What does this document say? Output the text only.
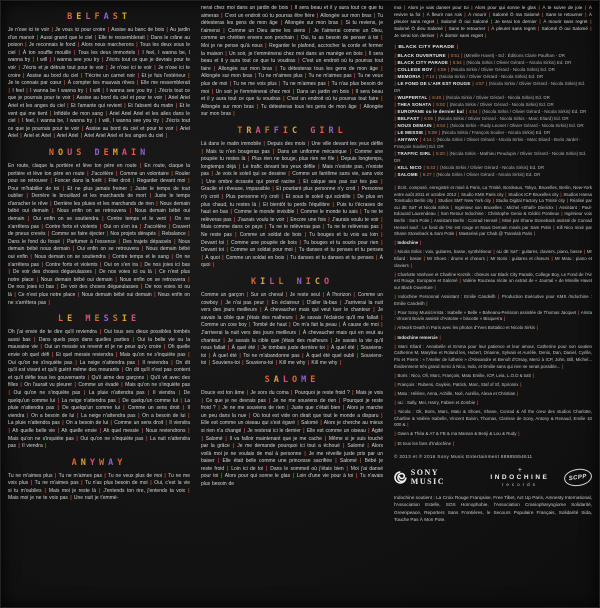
BELFAST

Je n'ose ici te voir | Je vous ici pour croire | Assise au banc de bois | Au jardin d'un manoir | Aussi grand que le ciel | Elle te ressemblerait | Dans le crâne au poison | Je reconnais le fond | Alors nous marcherons | Tous les deux sous le ciel | À ton souffle mouillé | Tous les deux immortels | I feel, I wanna be, I wanna try | I will | I wanna see you try | J'écris tout ce que je devrais pour te voir | J'écris et je détruis tout pour te voir | Je n'ose ici te voir | Je n'ose ici te croire | Assise au bord du ciel | T'écrire un carnet noir | Et je fuis l'extérieur | Je te connais par cœur | À compter tes mauvais rêves | Elle me ressemblerait | I feel | I wanna be I wanna try | I will | I wanna see you try | J'écris tout ce que je pourrais pour te voir | Assise au bord du ciel et pour te voir | Ariel Ariel Ariel et les anges du ciel | Et l'amante qui revient | Et l'absent du matin | Et le vent qui me tient | Infidèle de mon sang | Ariel Ariel Ariel et les ailes dans le ciel | I feel, I wanna be, I wanna try | I will, I wanna see you try | J'écris tout ce que je pourrais pour te voir | Assise au bord du ciel et pour te voir | Ariel Ariel | Ariel et Ariel | Ariel Ariel | Ariel Ariel Ariel et les anges du ciel |

NOUS DEMAIN

En route, claque la portière et lève ton père en route | En route, claque la portière et lève ton père en route | J'accélère | Comme un volontaire | Rouler pour se retrouver | Foncer dans la forêt | Filer droit | Regarder devant moi | Pour m'habiller de toi | Et ne plus jamais freiner | Juste le temps de tout oublier | Derrière le brouillard et les marchands de mort | Juste le temps d'arracher le rêve | Derrière les pluies et les marchands de rien | Nous demain bébé oui demain | Nous enfin on se retrouvera | Nous demain bébé oui demain | Oui enfin on se soutiendra | Contre temps et le vent | On ne s'arrêtera pas | Contre forts et violents | Oui on s'en ira | J'accélère | Couvert de pneus crevés | Comme se faire éjecter | Nos projets dérapés | Rebalance | Dans le fond du fossé | Parfumer à l'essence | Des trajets dépassés | Nous demain bébé nous demain | Oui enfin on se retrouvera | Nous demain bébé oui enfin | Nous demain on se soutiendra | Contre temps et le sang | On ne s'arrêtera pas | Contre forts et violents | Oui on s'en ira | De nos joies ici bas | De voir des choses dégueulasses | De nos voies ici ou là | Ce n'est plus notre place | Nous demain bébé oui demain | Nous enfin on se retrouvera | De nos joies ici bas | De voir des choses dégueulasses | De nos voies ici ou là | Ce n'est plus notre place | Nous demain bébé oui demain | Nous enfin on ne s'arrêtera pas |

LE MESSIE

Oh j'ai envie de te dire qu'il reviendra | Oui tous ses dieux possibles tombés aussi bas | Dans quels pays dans quelles parties | Oui la belle vie ou la mauvaise vie | Oui un messie va revenir et je ne peux qu'y croire | Oh quelle envie oh quel défi | Et quel messie reviendra | Mais qu'on ne s'inquiète pas | Oui qu'on ne s'inquiète pas | La neige n'attendra pas | Il reviendra | On dit qu'il est vivant et qu'il guérit même des mourants | On dit qu'il n'est pas content et qu'il défie tous les gouvernants | Qu'il aime des garçons | Qu'il vit avec des filles | On l'aurait vu pleurer | Comme un évadé | Mais qu'on ne s'inquiète pas | Oui qu'on ne s'inquiète pas | La pluie n'attendra pas | Il viendra | De quelqu'un comme lui | La neige n'attendra pas | De quelqu'un comme lui | La pluie n'attendra pas | De quelqu'un comme lui | Comme un sens droit | Il viendra | On a besoin de lui | La neige n'attendra pas | On a besoin de lui | La pluie n'attendra pas | On a besoin de lui | Comme un sens droit | Il viendra | Ah quelle belle vie | Ah quelle envie | Ah quel messie | Nous reviendrons | Mais qu'on ne s'inquiète pas | Oui qu'on ne s'inquiète pas | La nuit n'attendra pas | Il viendra |

ANYWAY

Tu ne m'aimes plus | Tu ne m'aimes pas | Tu ne veux plus de moi | Tu ne me vois plus | Tu ne m'aimes pas | Tu n'as plus besoin de moi | Oui, c'est la vie si tu m'oublies | Mais moi je reste là | J'entends ton rire, j'entends ta voix | Mais moi je ne te vois pas | Une nuit je t'emmè-

nerai chez moi dans un jardin de bois | Il sera beau et il y aura tout ce que tu aimeras | C'est un endroit où tu pourras être fière | Allongée sur mon bras | Tu détesteras les gens de mon âge | Allongée sur mon bras | Si tu reviens, je t'aimerai | Comme un Dieu aime les siens | Je t'aimerai comme un Dieu, comme un chrétien envers son prochain | Oui, tu as besoin de penser à toi | Moi je ne pense qu'à nous | Regarder le plafond, accrocher la corde et fermer la maison | Un soir, je t'emmènerai chez moi dans un manège en bois | Il sera beau et il y aura tout ce que tu voudras | C'est un endroit où tu pourras tout faire | Allongée sur mon bras | Tu détesteras tous les gens de mon âge | Allongée sur mon bras | Tu ne m'aimes plus | Tu ne m'aimes pas | Tu ne veux plus de moi | Tu ne me vois plus | Tu ne m'aimes pas | Tu n'as plus besoin de moi | Un soir je t'emmènerai chez moi | Dans un jardin en bois | Il sera beau et il y aura tout ce que tu voudras | C'est un endroit où tu pourras tout faire | Allongée sur mon bras | Tu détesteras tous les gens de mon âge | Allongée sur mon bras |

TRAFFIC GIRL

Là dans le matin immobile | Depuis des mois | Une ville devant tes yeux défile | Mais tu n'en bougeras pas | Dans un uniforme mécanique | Comme une poupée tu restes là | Plus rien ne bouge, plus rien ne file | Depuis longtemps, longtemps déjà | Le trafic devant tes yeux défile | Mais n'existe pas, n'existe pas | Je vois le soleil qui se dessine | Comme un fantôme sans vie, sans voix | Une ombre écrasée qui prend racine | Et calque ses pas sur tes pas | Gracile et rêveuse, impassible | Et pourtant plus personne n'y croit | Personne n'y croit | Plus personne n'y croit | Et sous le soleil qui scintille | De plus en plus chaud, tu restes là | Et bientôt tu perds l'équilibre | Puis tu t'écrases de haut en bas | Comme le monde invisible | Comme le monde tu sais | Tu ne te relèveras pas | J'aurais voulu te voir | Encore une fois | J'aurais voulu te voir | Mais comme dans ce pays | Tu ne te relèveras pas | Tu ne te relèveras pas | Ne reste pas | Comme un soldat de bois | Tu bouges et tu vois au loin | Devant toi | Comme une poupée de bois | Tu bouges et tu souris pour rien | Devant toi | Comme un soldat pour moi | Tu danses et tu penses et tu penses | À quoi | Comme un soldat en bois | Tu danses et tu danses et tu penses | À quoi |

KILL NICO

Comme un garçon | Sur un cheval | Je reste seul | À l'horizon | Comme un cowboy | Je n'ai pas peur | En éclaireur | D'aller là-bas | J'arriverai la nuit vers des jours meilleurs | À chevaucher mais qui veut tuer le chanteur | Je savais la cible que j'étais des malheurs | Je savais l'éclaircie qu'il me fallait | Comme un cow boy | Tombé de haut | On m'a fait la peau | À cause de moi | J'arriverai la nuit vers des jours meilleurs | À chevaucher mais qui en veut au chanteur | Je savais la cible que j'étais des malheurs | Je savais la vie qu'il nous fallait | À quel été | Je tombais juste derrière toi | À quel été | Souviens-toi | À quel été | Toi ne m'abandonne pas | À quel été quel oubli | Souviens-toi | Souviens-toi | Souviens-toi | Kill me why | Kill me why |

SALOME

Douce est ton âme | Je sors du coma | Pourquoi je reste froid ? | Mais je vois | Ce que je ne devrais pas | Je ne me souviens de rien | Pourquoi je reste froid ? | Je ne me souviens de rien | Juste que c'était bien | Alors je marche un peu dans la nue | Où tout est vide on dirait que tout le monde a disparu | Elle est comme un oiseau qui s'est égaré | Salomé | Alors je cherche au mieux si rien n'a changé | Je resterai ici le dernier | Elle est comme un oiseau | Agité | Salomé | Il va falloir maintenant que je me cache | Même si je suis touché par la grâce | Je me demande pourquoi ici tout a échoué | Salomé | Alors voilà moi je ne voulais de mal à personne | Je me réveille juste pris par un baiser | Elle était belle comme une princesse sacrifiée | Salomé | Bébé je reste froid | Loin ici de toi | Dans le sommeil où j'étais bien | Moi j'ai dansé pour toi | Alors pour qui sonne le glas | Loin d'une vie pour à toi | Tu n'avais plus besoin de

moi | Alors je vais danser pour toi | Alors pour qui sonne le glas | À te suivre de joie | À revivre ta foi | À fleurir nos rois | À mourir | Salomé Ô ma Salomé | Sans te retourner | À pleurer sans regret | Salomé Ô oui Salomé | Je serai ton dernier | À mourir sans regret | Salomé Ô dieu Salomé | Sans te retourner | À pleurer sans regret | Salomé Ô oui Salomé | Je serai ton dernier | À dormir sans regret |

| BLACK CITY PARADE |
| BLACK OUVERTURE | 0:51 | (Mireille Havet) - Ed : Éditions Claire Paulhan - DR
| BLACK CITY PARADE | 5:54 | (Nicola Sirkis / Olivier Gérard – Nicola Sirkis) Ed. DR
| COLLEGE BOY | 4:59 | (Nicola Sirkis / Olivier Gérard - Nicola Sirkis) Ed. DR
| MEMORIA | 7:14 | (Nicola Sirkis / Olivier Gérard - Nicola Sirkis) Ed. DR
| LE FOND DE L'AIR EST ROUGE | 4:57 | (Nicola Sirkis / Olivier Gérard - Nicola Sirkis) Ed. DR
| WUPPERTAL | 6:48 | (Nicola Sirkis / Olivier Gérard - Nicola Sirkis) Ed. DR
| THEA SONATA | 5:02 | (Nicola Sirkis / Olivier Gérard - Nicola Sirkis) Ed. DR
| EUROPANE ou le dernier bal | 4:54 | (Nicola Sirkis / Olivier Gérard - Nicola Sirkis) Ed. DR
| BELFAST | 6:05 | (Nicola Sirkis / Olivier Gérard - Nicola Sirkis - Marc Eliard) Ed. DR
| NOUS DEMAIN | 5:54 | (Nicola Sirkis - Rudy Leonet / Olivier Gérard - Nicola Sirkis) Ed. DR
| LE MESSIE | 5:08 | (Nicola Sirkis / François Soulier - Nicola Sirkis) Ed. DR
| ANYWAY | 4:14 | (Nicola Sirkis / Olivier Gérard - Nicola Sirkis - Marc Eliard - Boris Jardel - François Soulier) Ed. DR
| TRAFFIC GIRL | 5:20 | (Nicola Sirkis - Mathieu Peudupin / Olivier Gérard - Nicola Sirkis) Ed. DR
| KILL NICO | 5:43 | (Nicola Sirkis / Olivier Gérard - Nicola Sirkis) Ed. DR
| SALOME | 6:27 | (Nicola Sirkis / Olivier Gérard - Nicola Sirkis) Ed. DR

| Écrit, composé, enregistré et mixé à Paris, La Trinité, Bordeaux, Tokyo, Bruxelles, Berlin, New-York entre août 2011 et octobre 2012 | Studio KMS Paris city | Studios ICP Bruxelles city | Studios Hansa Tonstudio Berlin city | Studios SMT New York city | Studio Digital Factory La Trinité city | Réalisé par oLi dE SaT et Nicola Sirkis | Ingénieur son Bruxelles : Michel «Shaft» Dierickx | Assistant : Paul-Edouard Laurendeau | Son Retour Indochine : Christophe Genix & Cédric Pontieux | Ingénieur voix Berlin : Sam Potin | Assistant Berlin : Conrad Hensel | Mixé par Shane Stoneback assisté de Conrad Hensel sauf : Le fond de l'Air est rouge et Nous Demain mixés par Sam Potin | Kill Nico mixé par Shane Stoneback & Sam Potin | Masterisé par Chab @ Translab Paris |

| Indochine |

| Nicola Sirkis : voix, guitares, basse, synthétiseur | oLi dE SaT : guitares, claviers, piano, basse | Mr Eliard : basse | Mr Shoes : drums et chœurs | Mr Boris : guitares et chœurs | Mr Matu : piano et claviers |

| Charlotte Vanhove et Charline Keznik : chœurs sur Black City Parade, College Boy, Le Fond de l'Air est Rouge, Europane et Salomé | Valérie Rouzeau récite un extrait de « Journal » de Mireille Havet sur Black Ouverture |

| Indochine Personnal Assistant : Emilie Candeilh | Production Exécutive pour KMS /Indochine : Emilie Candeilh |

| Pour Sony Music/Arista : Isabelle « Belle » Baheanu-Perisson assistée de Thomas Jacquet | Arista : Vincent Boivin assisté d'Antoine « biscotte » Bisquerra |

| Artwork Death in Paris avec les photos d'Yves Bottalico et Nicola Sirkis |

| Indochine remercie |

| Marc Eliard : Annabelle et Emma pour leur patience et leur amour, Catherine pour son soutien Catherine M, Maryline et Roland les, Hubert, Orianne, Sylvain et Aurélie, Denis, Dan, Daniel, Cyrille, Flo et Pierre : « l'Atelier de lutherie » d'Alexandre et Benoît d'Orsay, Merci à ICP, John, Bill, Michel... Évidemment très grand merci à Nico, Indo, et Emilie sans qui rien ne serait possible... |

| Boris : Nico, Oli, Marc, François, Matu Emilie, ICP, Leia, L.O.D & tutti |

| François : Rubens, Guylein, Patrick, Marc, Staf of Sf, Spiromix |

| Matu : Hélène, Anna, Achille, Noé, Aurélia, Alexa et Christian |

| oLi : Sally, Mei, Harry, Fabien et Zombie |

| Nicola : Oli, Boris, Marc, Matu & Shoes, Shane, Conrad & All the crew des studios Charlotte, Charline & Valérie Isabelle, Vincent Boivin, Thomas, Clarisse de Sony, Antony & Renaud, Emilie 10 000 & |

| Gwen & Théa & A7 & FB & ma Maman & Benji & Lou & Rudy |

| Et tous les fans d'Indochine |

© 2013 et ℗ 2016 Sony Music Entertainment 88985554611
SONY MUSIC
+
INDOCHINE
records
SCPP

Indochine soutient : La Croix Rouge Française, Free Tibet, Act Up Paris, Amnesty International, l'Association Estelle, SOS Homophobie, l'Association Craniopharyngiome Solidarité, Greenpeace, Reporters Sans Frontières, le Secours Populaire Français, Solidarité Sida, Touche Pas À Mon Pote.
